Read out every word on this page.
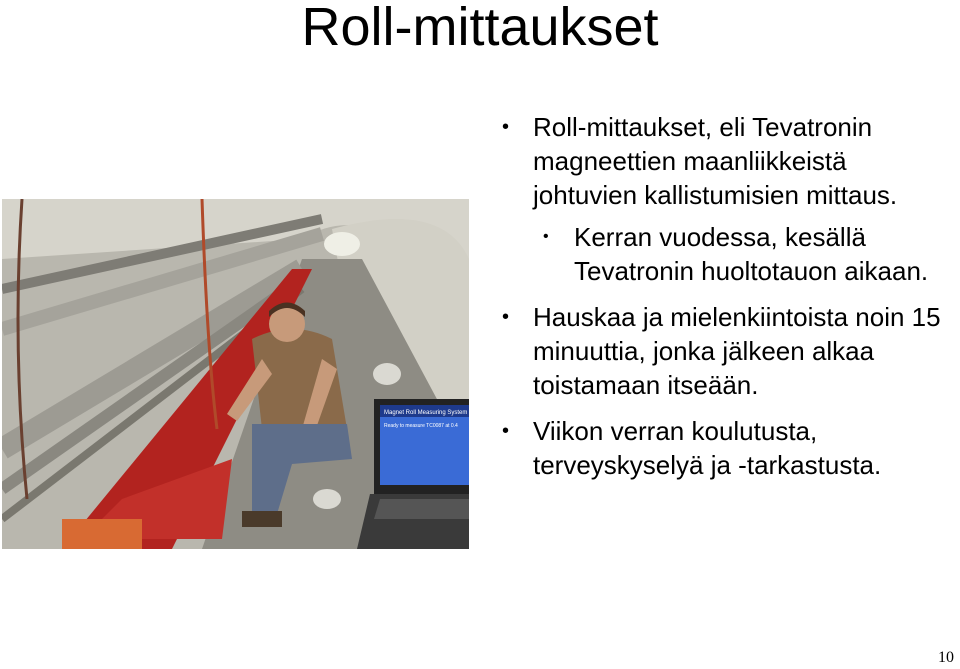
Roll-mittaukset
Magnet Roll Measuring System
Ready to measure TC0087 at 0.4
• Roll-mittaukset, eli Tevatronin magneettien maanliikkeistä johtuvien kallistumisien mittaus.
• Kerran vuodessa, kesällä Tevatronin huoltotauon aikaan.
• Hauskaa ja mielenkiintoista noin 15 minuuttia, jonka jälkeen alkaa toistamaan itseään.
• Viikon verran koulutusta, terveyskyselyä ja -tarkastusta.
10
